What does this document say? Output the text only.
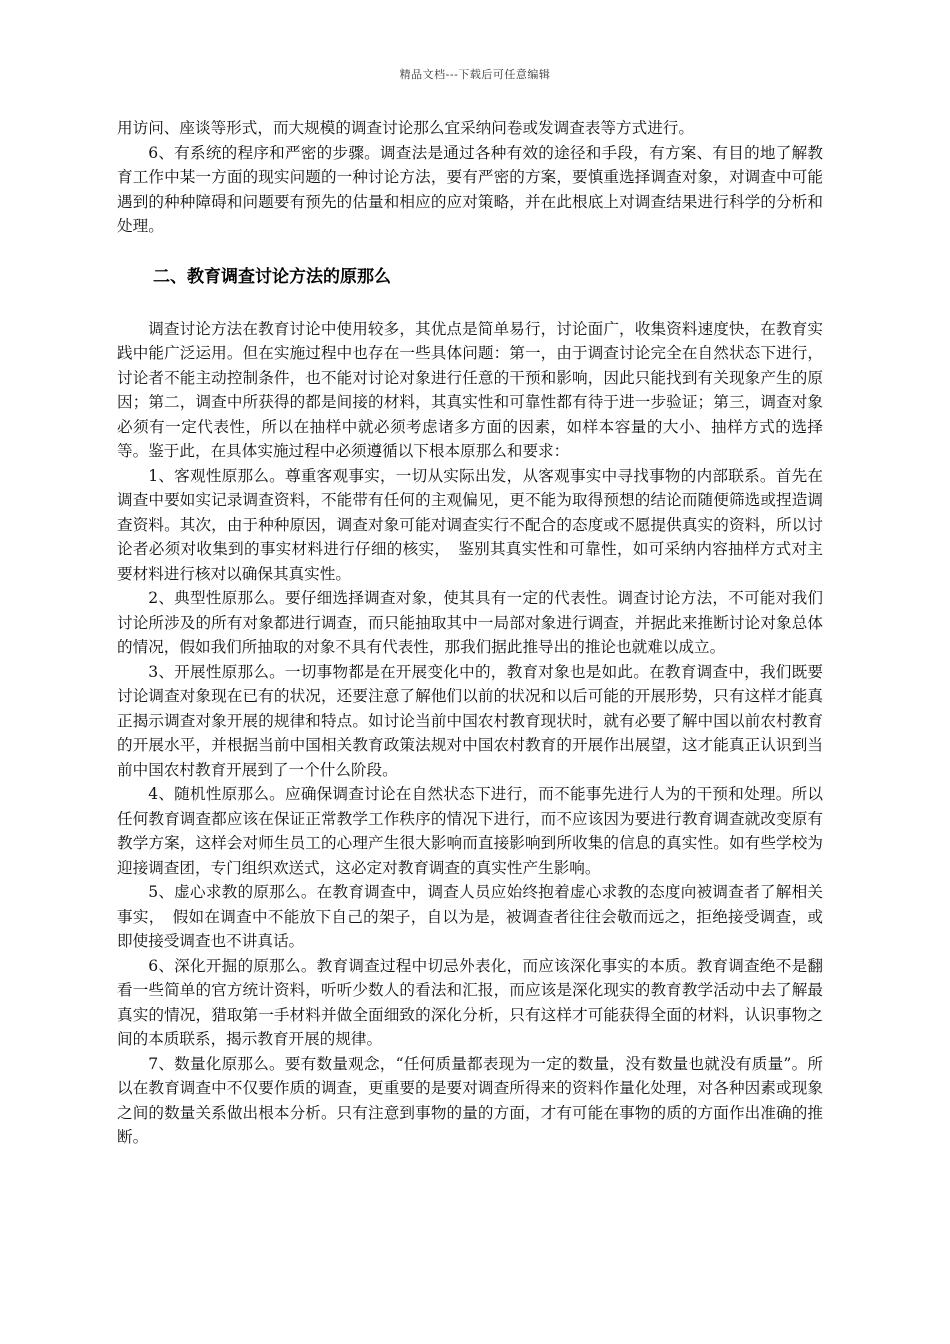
精品文档---下载后可任意编辑

用访问、座谈等形式，而大规模的调查讨论那么宜采纳问卷或发调查表等方式进行。

6、有系统的程序和严密的步骤。调查法是通过各种有效的途径和手段，有方案、有目的地了解教育工作中某一方面的现实问题的一种讨论方法，要有严密的方案，要慎重选择调查对象，对调查中可能遇到的种种障碍和问题要有预先的估量和相应的应对策略，并在此根底上对调查结果进行科学的分析和处理。

二、教育调查讨论方法的原那么

调查讨论方法在教育讨论中使用较多，其优点是简单易行，讨论面广，收集资料速度快，在教育实践中能广泛运用。但在实施过程中也存在一些具体问题：第一，由于调查讨论完全在自然状态下进行，讨论者不能主动控制条件，也不能对讨论对象进行任意的干预和影响，因此只能找到有关现象产生的原因；第二，调查中所获得的都是间接的材料，其真实性和可靠性都有待于进一步验证；第三，调查对象必须有一定代表性，所以在抽样中就必须考虑诸多方面的因素，如样本容量的大小、抽样方式的选择等。鉴于此，在具体实施过程中必须遵循以下根本原那么和要求：

1、客观性原那么。尊重客观事实，一切从实际出发，从客观事实中寻找事物的内部联系。首先在调查中要如实记录调查资料，不能带有任何的主观偏见，更不能为取得预想的结论而随便筛选或捏造调查资料。其次，由于种种原因，调查对象可能对调查实行不配合的态度或不愿提供真实的资料，所以讨论者必须对收集到的事实材料进行仔细的核实，　鉴别其真实性和可靠性，如可采纳内容抽样方式对主要材料进行核对以确保其真实性。

2、典型性原那么。要仔细选择调查对象，使其具有一定的代表性。调查讨论方法，不可能对我们讨论所涉及的所有对象都进行调查，而只能抽取其中一局部对象进行调查，并据此来推断讨论对象总体的情况，假如我们所抽取的对象不具有代表性，那我们据此推导出的推论也就难以成立。

3、开展性原那么。一切事物都是在开展变化中的，教育对象也是如此。在教育调查中，我们既要讨论调查对象现在已有的状况，还要注意了解他们以前的状况和以后可能的开展形势，只有这样才能真正揭示调查对象开展的规律和特点。如讨论当前中国农村教育现状时，就有必要了解中国以前农村教育的开展水平，并根据当前中国相关教育政策法规对中国农村教育的开展作出展望，这才能真正认识到当前中国农村教育开展到了一个什么阶段。

4、随机性原那么。应确保调查讨论在自然状态下进行，而不能事先进行人为的干预和处理。所以任何教育调查都应该在保证正常教学工作秩序的情况下进行，而不应该因为要进行教育调查就改变原有教学方案，这样会对师生员工的心理产生很大影响而直接影响到所收集的信息的真实性。如有些学校为迎接调查团，专门组织欢送式，这必定对教育调查的真实性产生影响。

5、虚心求教的原那么。在教育调查中，调查人员应始终抱着虚心求教的态度向被调查者了解相关事实，　假如在调查中不能放下自己的架子，自以为是，被调查者往往会敬而远之，拒绝接受调查，或即使接受调查也不讲真话。

6、深化开掘的原那么。教育调查过程中切忌外表化，而应该深化事实的本质。教育调查绝不是翻看一些简单的官方统计资料，听听少数人的看法和汇报，而应该是深化现实的教育教学活动中去了解最真实的情况，猎取第一手材料并做全面细致的深化分析，只有这样才可能获得全面的材料，认识事物之间的本质联系，揭示教育开展的规律。

7、数量化原那么。要有数量观念，“任何质量都表现为一定的数量，没有数量也就没有质量”。所以在教育调查中不仅要作质的调查，更重要的是要对调查所得来的资料作量化处理，对各种因素或现象之间的数量关系做出根本分析。只有注意到事物的量的方面，才有可能在事物的质的方面作出准确的推断。
